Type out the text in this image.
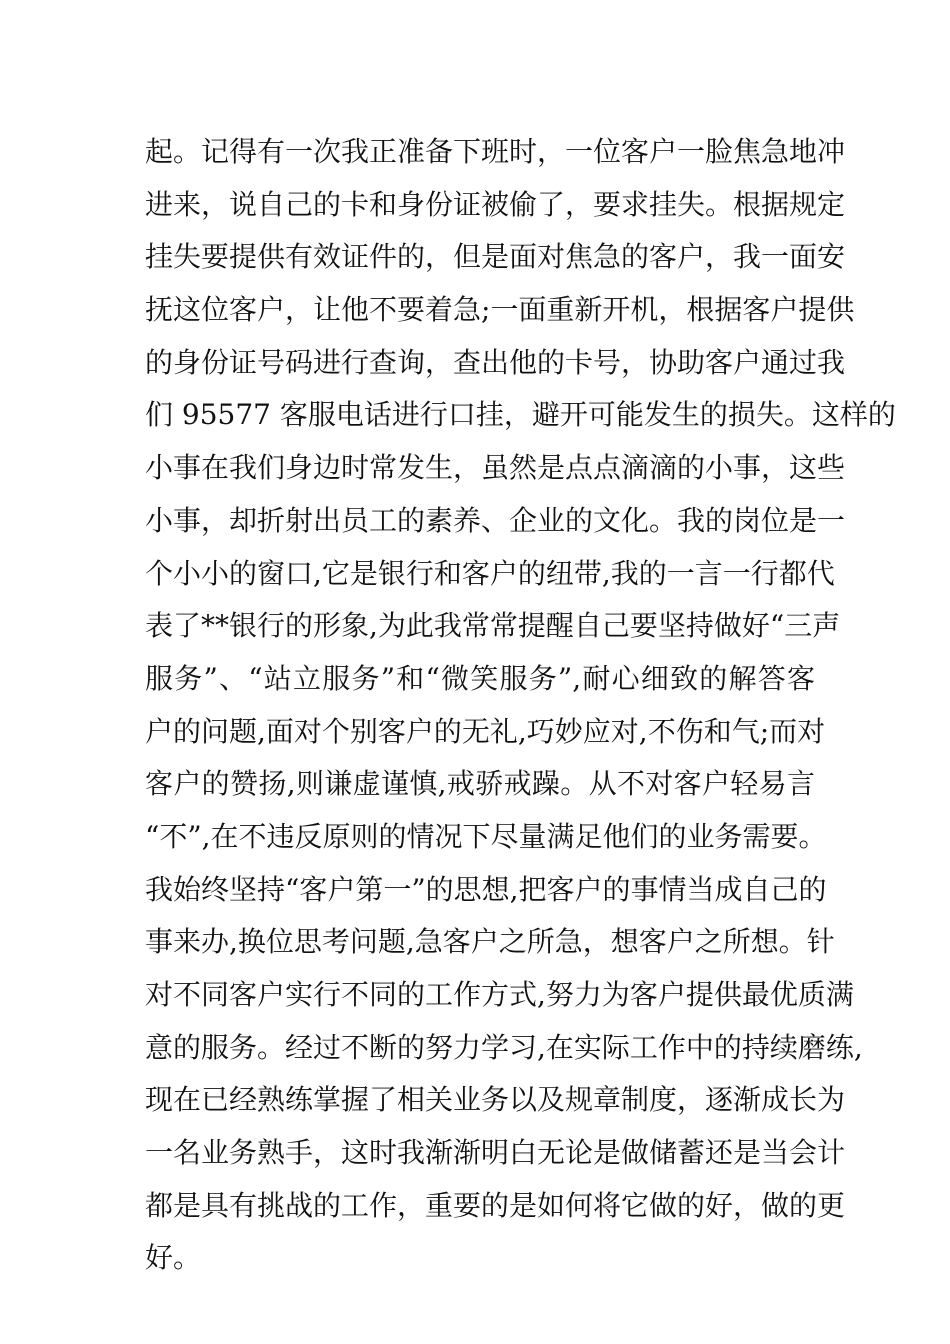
起。记得有一次我正准备下班时，一位客户一脸焦急地冲
进来，说自己的卡和身份证被偷了，要求挂失。根据规定
挂失要提供有效证件的，但是面对焦急的客户，我一面安
抚这位客户，让他不要着急;一面重新开机，根据客户提供
的身份证号码进行查询，查出他的卡号，协助客户通过我
们 95577 客服电话进行口挂，避开可能发生的损失。这样的
小事在我们身边时常发生，虽然是点点滴滴的小事，这些
小事，却折射出员工的素养、企业的文化。我的岗位是一
个小小的窗口,它是银行和客户的纽带,我的一言一行都代
表了**银行的形象,为此我常常提醒自己要坚持做好“三声
服务”、“站立服务”和“微笑服务”,耐心细致的解答客
户的问题,面对个别客户的无礼,巧妙应对,不伤和气;而对
客户的赞扬,则谦虚谨慎,戒骄戒躁。从不对客户轻易言
“不”,在不违反原则的情况下尽量满足他们的业务需要。
我始终坚持“客户第一”的思想,把客户的事情当成自己的
事来办,换位思考问题,急客户之所急，想客户之所想。针
对不同客户实行不同的工作方式,努力为客户提供最优质满
意的服务。经过不断的努力学习,在实际工作中的持续磨练,
现在已经熟练掌握了相关业务以及规章制度，逐渐成长为
一名业务熟手，这时我渐渐明白无论是做储蓄还是当会计
都是具有挑战的工作，重要的是如何将它做的好，做的更
好。
